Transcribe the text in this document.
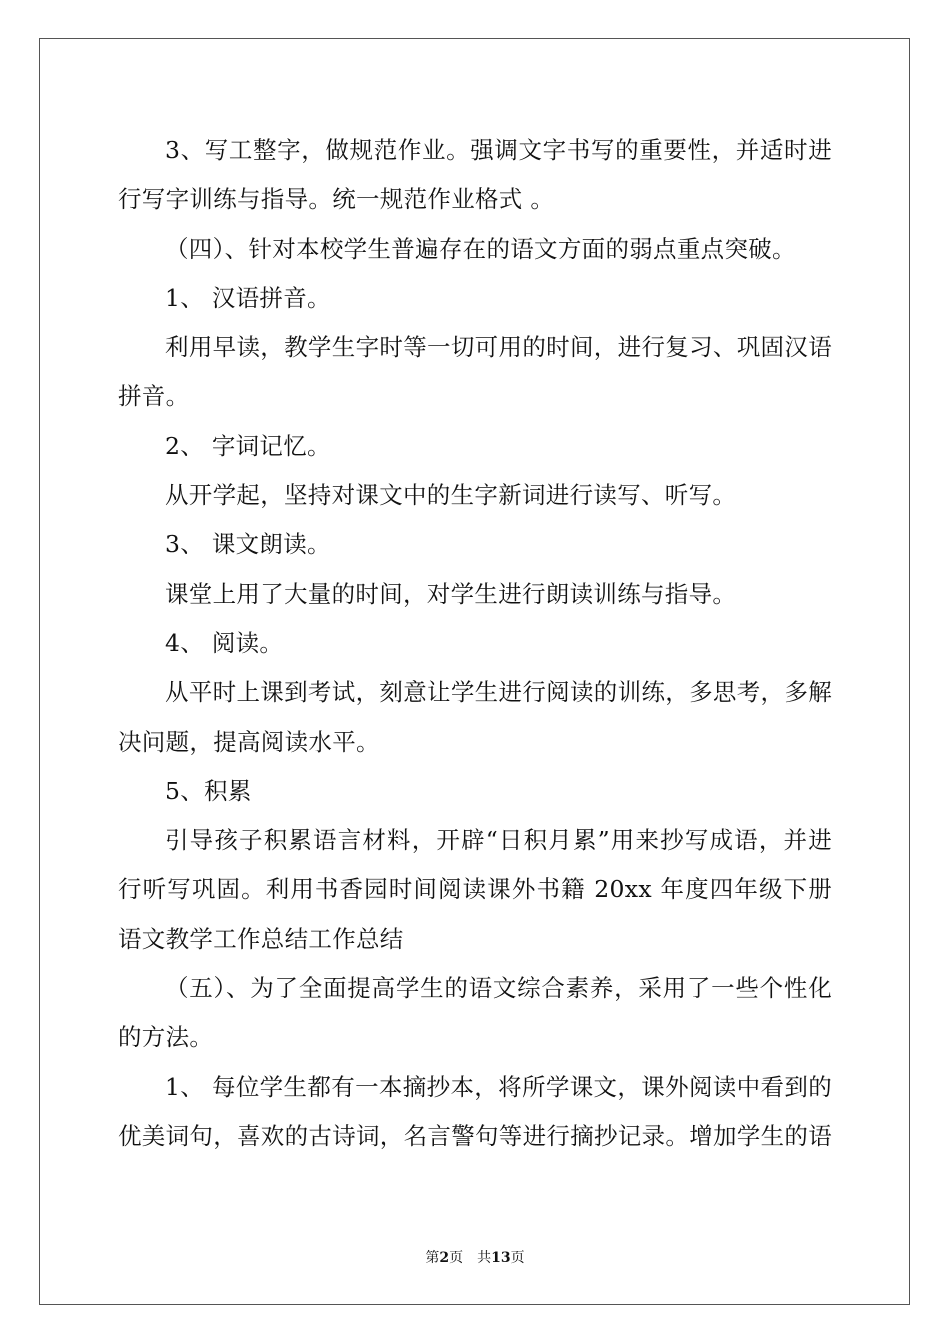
3、写工整字，做规范作业。强调文字书写的重要性，并适时进行写字训练与指导。统一规范作业格式 。

（四）、针对本校学生普遍存在的语文方面的弱点重点突破。

1、 汉语拼音。

利用早读，教学生字时等一切可用的时间，进行复习、巩固汉语拼音。

2、 字词记忆。

从开学起，坚持对课文中的生字新词进行读写、听写。

3、 课文朗读。

课堂上用了大量的时间，对学生进行朗读训练与指导。

4、 阅读。

从平时上课到考试，刻意让学生进行阅读的训练，多思考，多解决问题，提高阅读水平。

5、积累

引导孩子积累语言材料，开辟“日积月累”用来抄写成语，并进行听写巩固。利用书香园时间阅读课外书籍 20xx 年度四年级下册语文教学工作总结工作总结

（五）、为了全面提高学生的语文综合素养，采用了一些个性化的方法。

1、 每位学生都有一本摘抄本，将所学课文，课外阅读中看到的优美词句，喜欢的古诗词，名言警句等进行摘抄记录。增加学生的语

第2页　共13页
